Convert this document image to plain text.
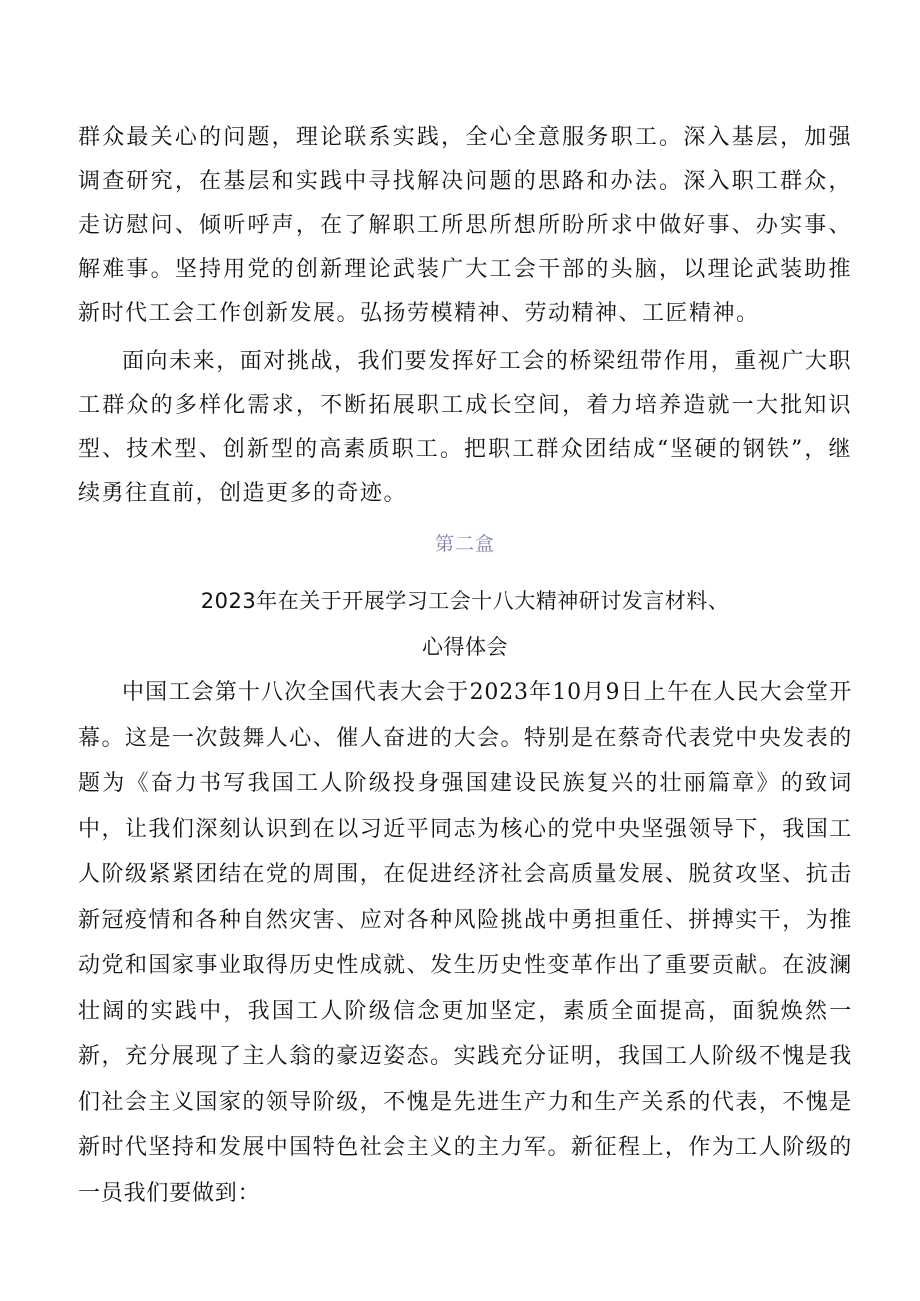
群众最关心的问题，理论联系实践，全心全意服务职工。深入基层，加强调查研究，在基层和实践中寻找解决问题的思路和办法。深入职工群众，走访慰问、倾听呼声，在了解职工所思所想所盼所求中做好事、办实事、解难事。坚持用党的创新理论武装广大工会干部的头脑，以理论武装助推新时代工会工作创新发展。弘扬劳模精神、劳动精神、工匠精神。

面向未来，面对挑战，我们要发挥好工会的桥梁纽带作用，重视广大职工群众的多样化需求，不断拓展职工成长空间，着力培养造就一大批知识型、技术型、创新型的高素质职工。把职工群众团结成“坚硬的钢铁”，继续勇往直前，创造更多的奇迹。

第二盒

2023年在关于开展学习工会十八大精神研讨发言材料、
心得体会

中国工会第十八次全国代表大会于2023年10月9日上午在人民大会堂开幕。这是一次鼓舞人心、催人奋进的大会。特别是在蔡奇代表党中央发表的题为《奋力书写我国工人阶级投身强国建设民族复兴的壮丽篇章》的致词中，让我们深刻认识到在以习近平同志为核心的党中央坚强领导下，我国工人阶级紧紧团结在党的周围，在促进经济社会高质量发展、脱贫攻坚、抗击新冠疫情和各种自然灾害、应对各种风险挑战中勇担重任、拼搏实干，为推动党和国家事业取得历史性成就、发生历史性变革作出了重要贡献。在波澜壮阔的实践中，我国工人阶级信念更加坚定，素质全面提高，面貌焕然一新，充分展现了主人翁的豪迈姿态。实践充分证明，我国工人阶级不愧是我们社会主义国家的领导阶级，不愧是先进生产力和生产关系的代表，不愧是新时代坚持和发展中国特色社会主义的主力军。新征程上，作为工人阶级的一员我们要做到：
